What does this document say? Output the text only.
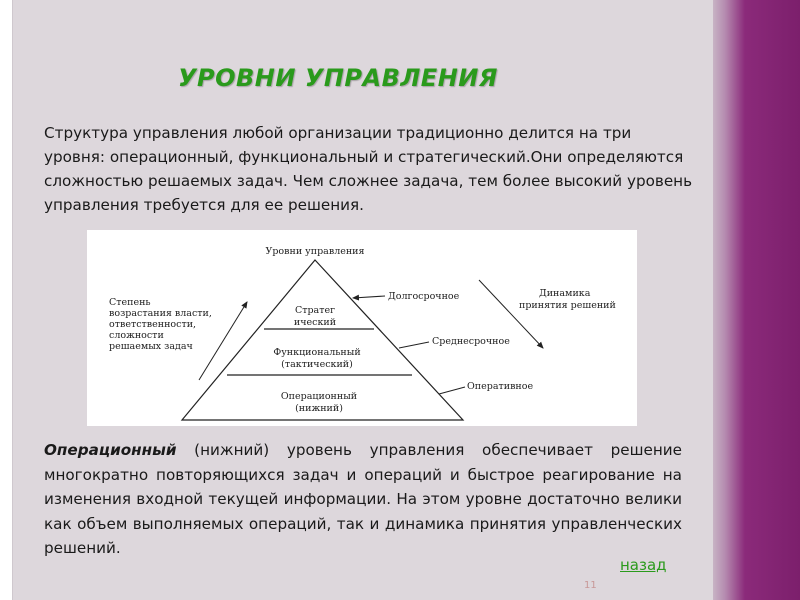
УРОВНИ УПРАВЛЕНИЯ
Структура управления любой организации традиционно делится на три уровня: операционный, функциональный и стратегический.Они определяются сложностью решаемых задач. Чем сложнее задача, тем более высокий уровень управления требуется для ее решения.
Уровни управления
Стратег
ический
Функциональный
(тактический)
Операционный
(нижний)
Долгосрочное
Среднесрочное
Оперативное
Степень
возрастания власти,
ответственности,
сложности
решаемых задач
Динамика
принятия решений
Операционный (нижний) уровень управления обеспечивает решение многократно повторяющихся задач и операций и быстрое реагирование на изменения входной текущей информации. На этом уровне достаточно велики как объем выполняемых операций, так и динамика принятия управленческих решений.
назад
11
